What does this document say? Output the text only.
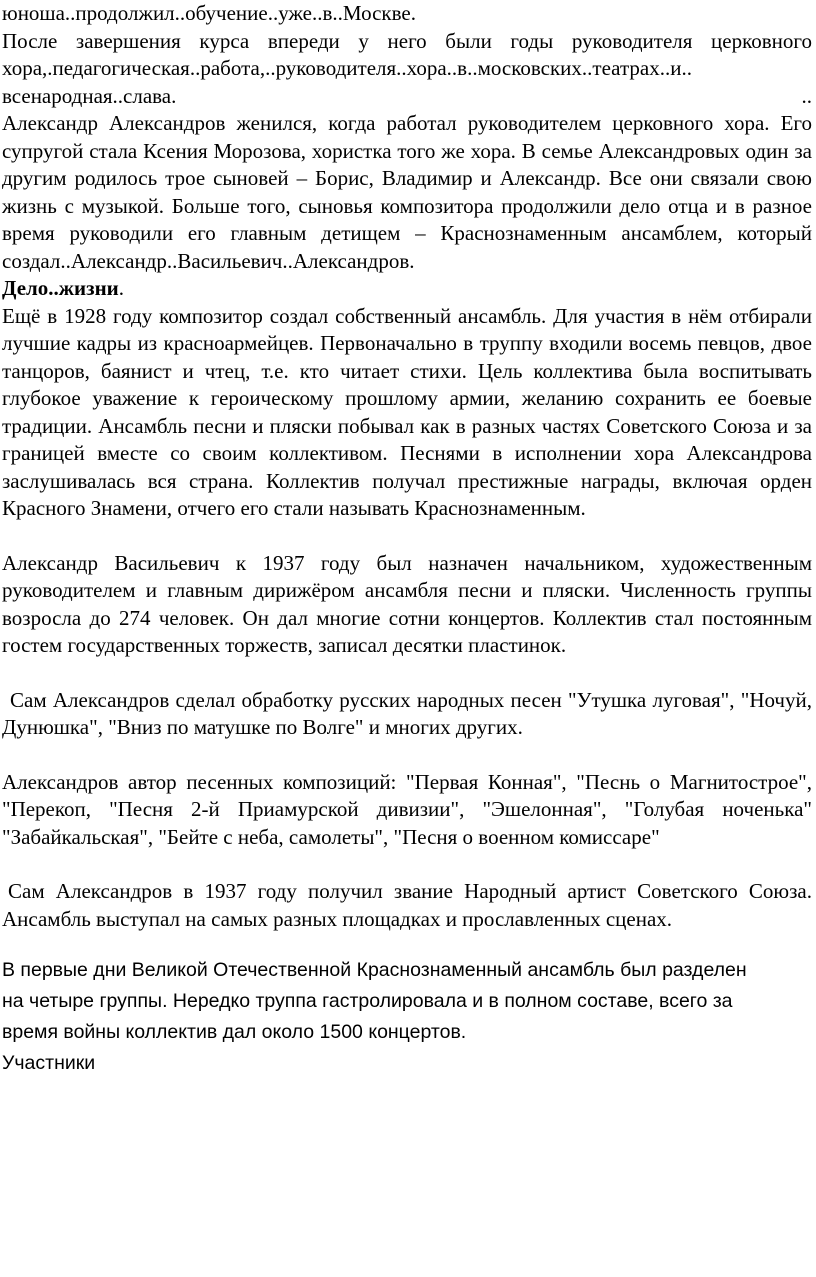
юноша..продолжил..обучение..уже..в..Москве.

После завершения курса впереди у него были годы руководителя церковного хора,.педагогическая..работа,..руководителя..хора..в..московских..театрах..и.. всенародная..слава.	..

Александр Александров женился, когда работал руководителем церковного хора. Его супругой стала Ксения Морозова, хористка того же хора. В семье Александровых один за другим родилось трое сыновей – Борис, Владимир и Александр. Все они связали свою жизнь с музыкой. Больше того, сыновья композитора продолжили дело отца и в разное время руководили его главным детищем – Краснознаменным ансамблем, который создал..Александр..Васильевич..Александров.

Дело..жизни.

Ещё в 1928 году композитор создал собственный ансамбль. Для участия в нём отбирали лучшие кадры из красноармейцев. Первоначально в труппу входили восемь певцов, двое танцоров, баянист и чтец, т.е. кто читает стихи. Цель коллектива была воспитывать глубокое уважение к героическому прошлому армии, желанию сохранить ее боевые традиции. Ансамбль песни и пляски побывал как в разных частях Советского Союза и за границей вместе со своим коллективом. Песнями в исполнении хора Александрова заслушивалась вся страна. Коллектив получал престижные награды, включая орден Красного Знамени, отчего его стали называть Краснознаменным.

Александр Васильевич к 1937 году был назначен начальником, художественным руководителем и главным дирижёром ансамбля песни и пляски. Численность группы возросла до 274 человек. Он дал многие сотни концертов. Коллектив стал постоянным гостем государственных торжеств, записал десятки пластинок.

Сам Александров сделал обработку русских народных песен "Утушка луговая", "Ночуй, Дунюшка", "Вниз по матушке по Волге" и многих других.

Александров автор песенных композиций: "Первая Конная", "Песнь о Магнитострое", "Перекоп, "Песня 2-й Приамурской дивизии", "Эшелонная", "Голубая ноченька" "Забайкальская", "Бейте с неба, самолеты", "Песня о военном комиссаре"

Сам Александров в 1937 году получил звание Народный артист Советского Союза. Ансамбль выступал на самых разных площадках и прославленных сценах.

В первые дни Великой Отечественной Краснознаменный ансамбль был разделен на четыре группы. Нередко труппа гастролировала и в полном составе, всего за время войны коллектив дал около 1500 концертов.

Участники
